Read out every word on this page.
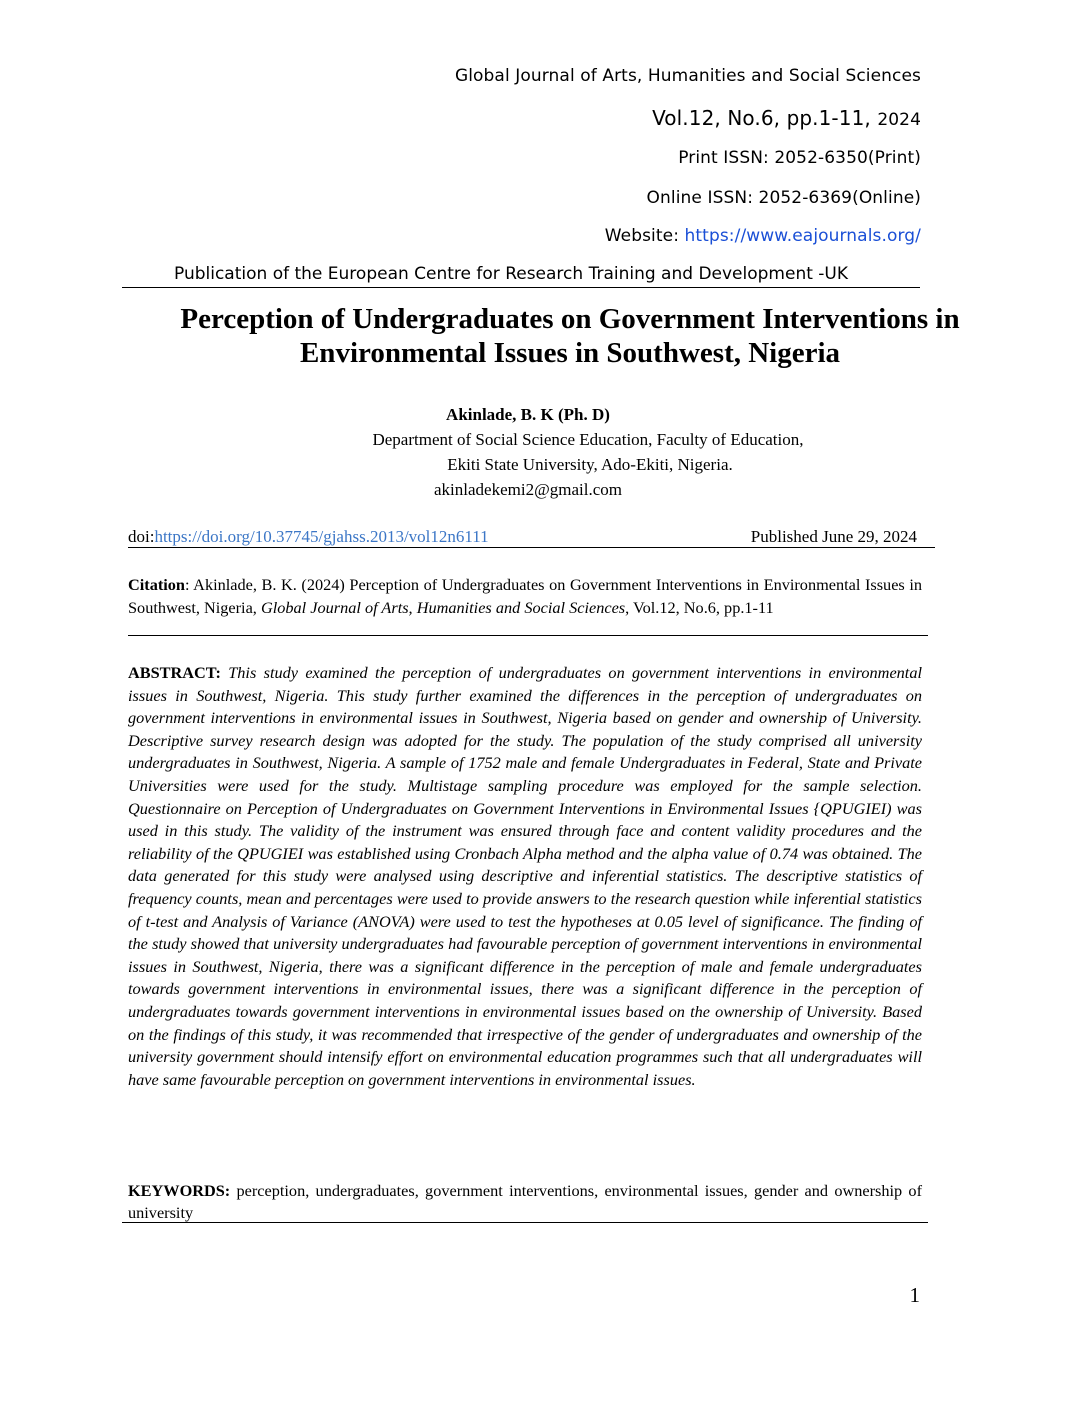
Global Journal of Arts, Humanities and Social Sciences
Vol.12, No.6, pp.1-11, 2024
Print ISSN: 2052-6350(Print)
Online ISSN: 2052-6369(Online)
Website: https://www.eajournals.org/
Publication of the European Centre for Research Training and Development -UK
Perception of Undergraduates on Government Interventions in
Environmental Issues in Southwest, Nigeria
Akinlade, B. K (Ph. D)
Department of Social Science Education, Faculty of Education,
Ekiti State University, Ado-Ekiti, Nigeria.
akinladekemi2@gmail.com
doi:https://doi.org/10.37745/gjahss.2013/vol12n6111	Published June 29, 2024
Citation: Akinlade, B. K. (2024) Perception of Undergraduates on Government Interventions in Environmental Issues in Southwest, Nigeria, Global Journal of Arts, Humanities and Social Sciences, Vol.12, No.6, pp.1-11
ABSTRACT: This study examined the perception of undergraduates on government interventions in environmental issues in Southwest, Nigeria. This study further examined the differences in the perception of undergraduates on government interventions in environmental issues in Southwest, Nigeria based on gender and ownership of University. Descriptive survey research design was adopted for the study. The population of the study comprised all university undergraduates in Southwest, Nigeria. A sample of 1752 male and female Undergraduates in Federal, State and Private Universities were used for the study. Multistage sampling procedure was employed for the sample selection. Questionnaire on Perception of Undergraduates on Government Interventions in Environmental Issues {QPUGIEI) was used in this study. The validity of the instrument was ensured through face and content validity procedures and the reliability of the QPUGIEI was established using Cronbach Alpha method and the alpha value of 0.74 was obtained. The data generated for this study were analysed using descriptive and inferential statistics. The descriptive statistics of frequency counts, mean and percentages were used to provide answers to the research question while inferential statistics of t-test and Analysis of Variance (ANOVA) were used to test the hypotheses at 0.05 level of significance. The finding of the study showed that university undergraduates had favourable perception of government interventions in environmental issues in Southwest, Nigeria, there was a significant difference in the perception of male and female undergraduates towards government interventions in environmental issues, there was a significant difference in the perception of undergraduates towards government interventions in environmental issues based on the ownership of University. Based on the findings of this study, it was recommended that irrespective of the gender of undergraduates and ownership of the university government should intensify effort on environmental education programmes such that all undergraduates will have same favourable perception on government interventions in environmental issues.
KEYWORDS: perception, undergraduates, government interventions, environmental issues, gender and ownership of university
1
